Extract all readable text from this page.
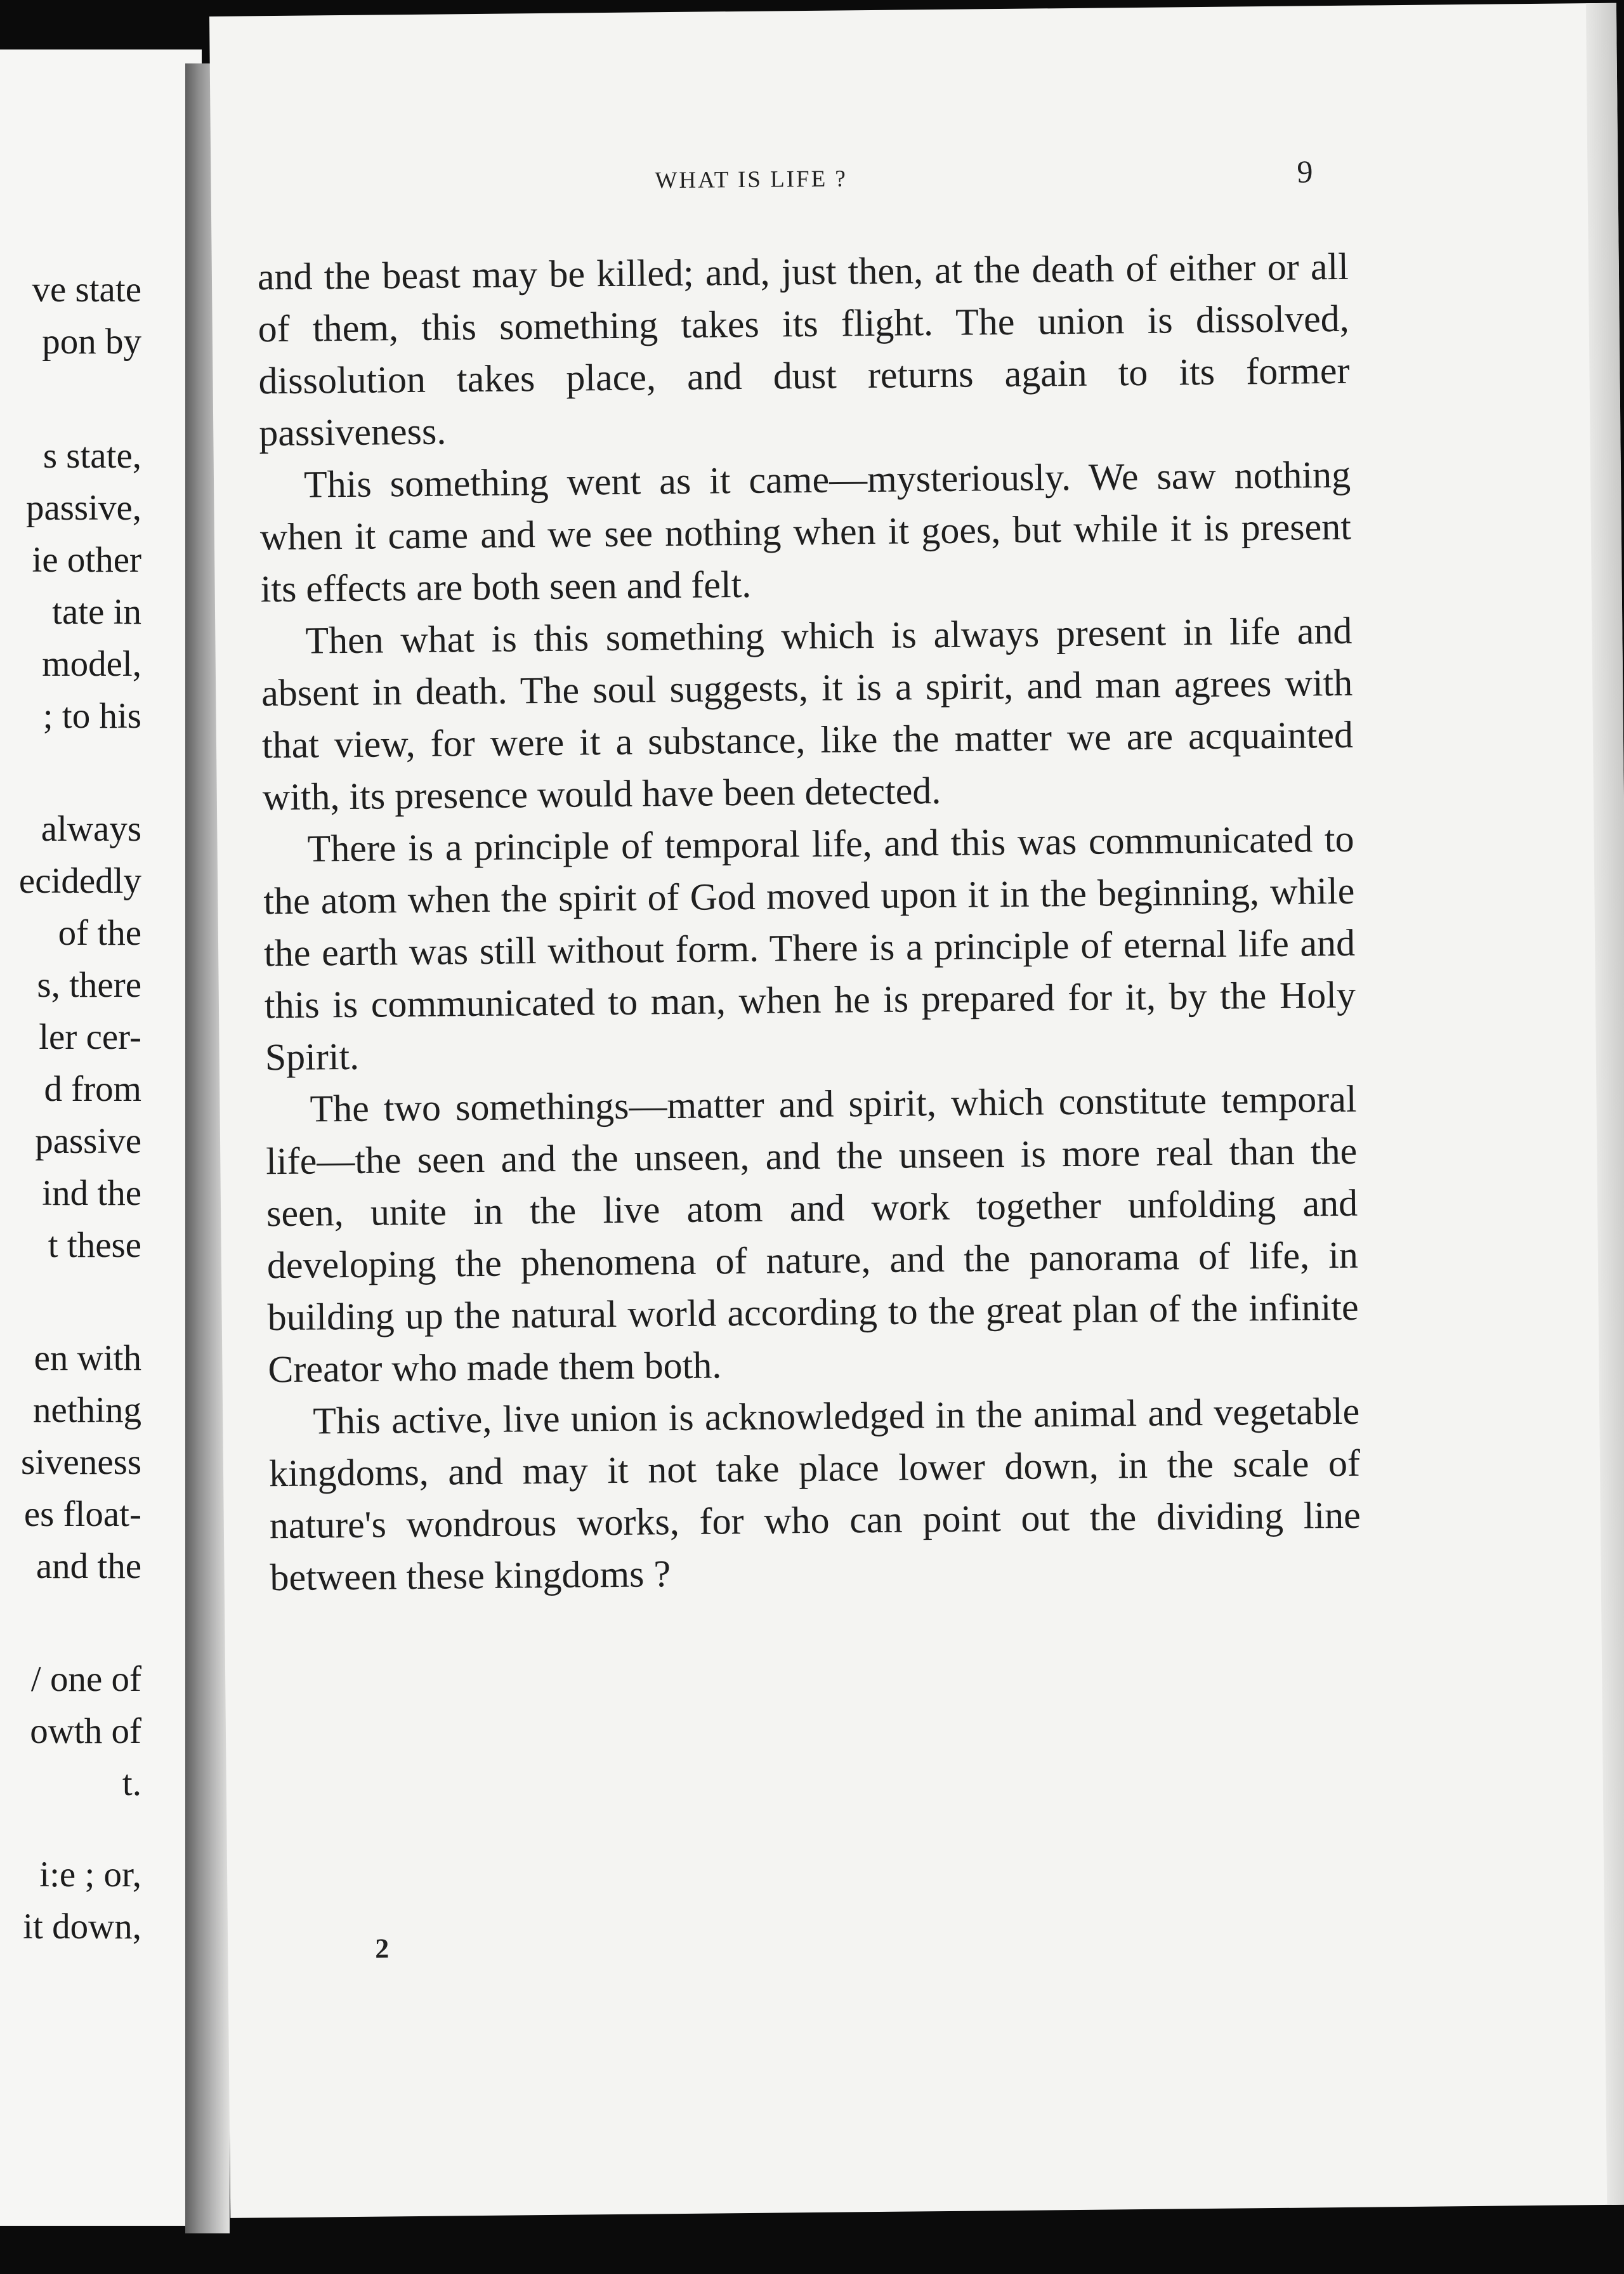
ve state
pon by
s state,
passive,
ie other
tate in
model,
; to his
always
ecidedly
of the
s, there
ler cer-
d from
passive
ind the
t these
en with
nething
siveness
es float-
and the
/ one of
owth of
t.
i:e ; or,
it down,
WHAT IS LIFE ?	9

and the beast may be killed; and, just then, at the death of either or all of them, this something takes its flight. The union is dissolved, dissolution takes place, and dust returns again to its former passiveness.

This something went as it came—mysteriously. We saw nothing when it came and we see nothing when it goes, but while it is present its effects are both seen and felt.

Then what is this something which is always present in life and absent in death. The soul suggests, it is a spirit, and man agrees with that view, for were it a substance, like the matter we are acquainted with, its presence would have been detected.

There is a principle of temporal life, and this was communicated to the atom when the spirit of God moved upon it in the beginning, while the earth was still without form. There is a principle of eternal life and this is communicated to man, when he is prepared for it, by the Holy Spirit.

The two somethings—matter and spirit, which constitute temporal life—the seen and the unseen, and the unseen is more real than the seen, unite in the live atom and work together unfolding and developing the phenomena of nature, and the panorama of life, in building up the natural world according to the great plan of the infinite Creator who made them both.

This active, live union is acknowledged in the animal and vegetable kingdoms, and may it not take place lower down, in the scale of nature's wondrous works, for who can point out the dividing line between these kingdoms ?

2
